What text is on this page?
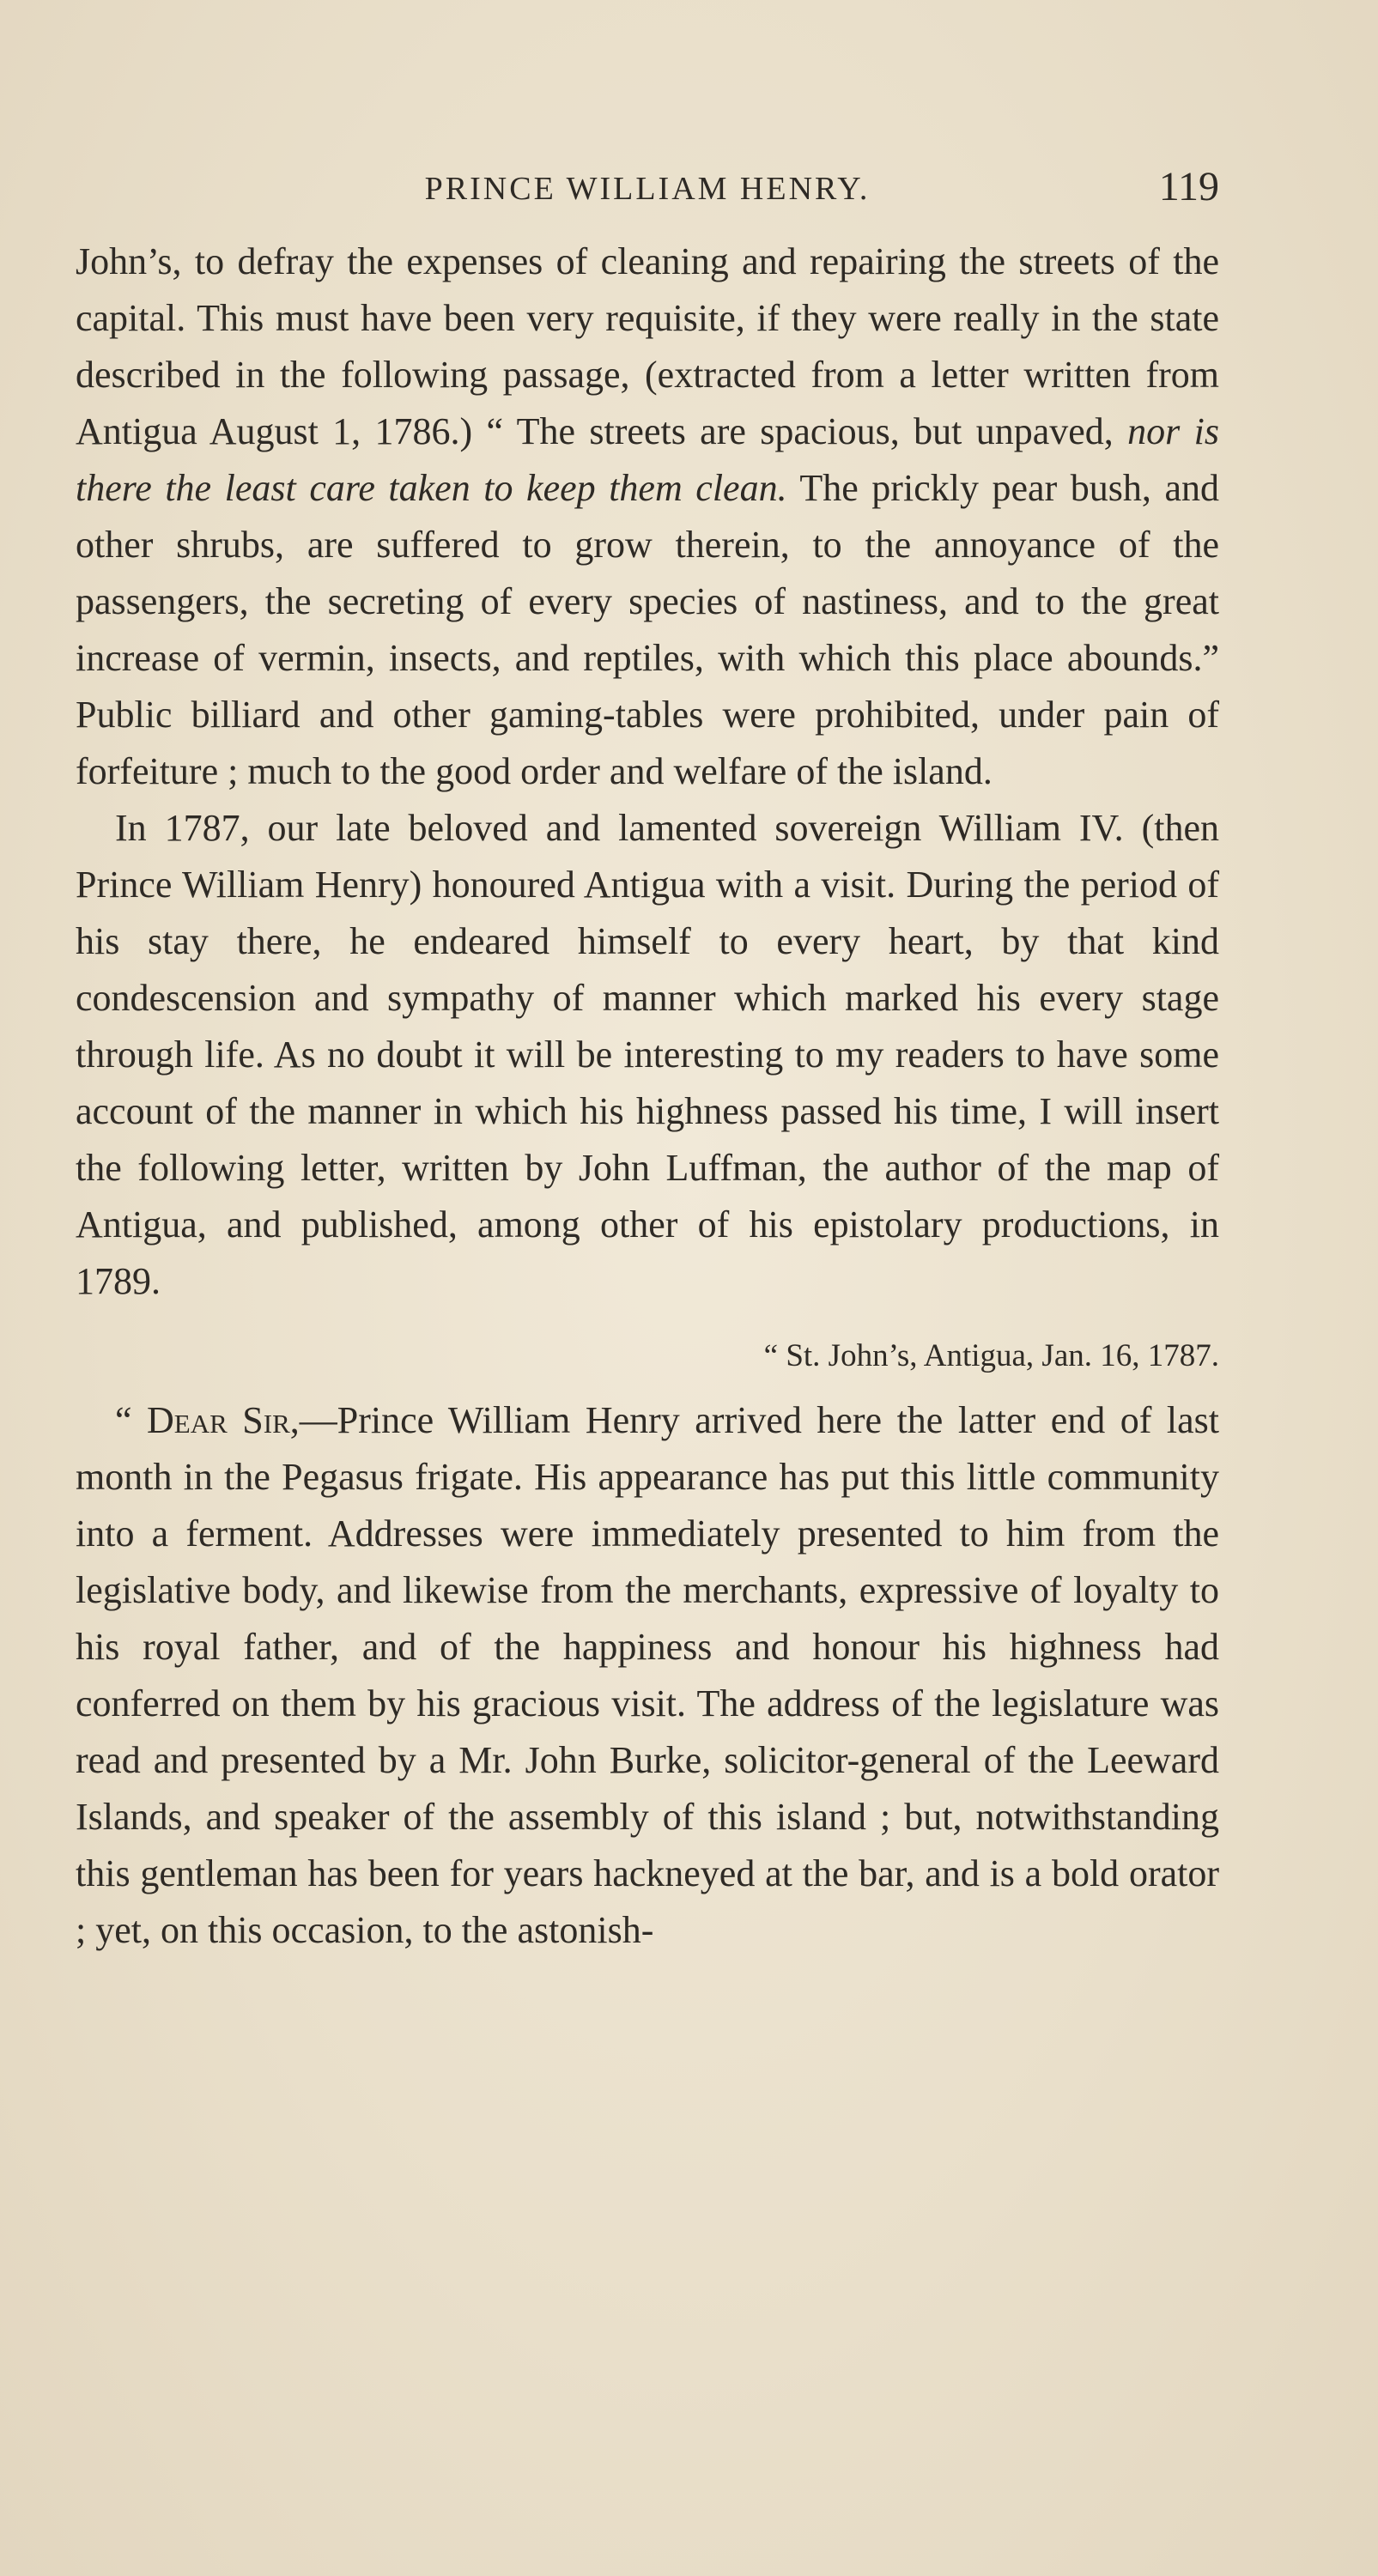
PRINCE WILLIAM HENRY.	119

John’s, to defray the expenses of cleaning and repairing the streets of the capital. This must have been very requisite, if they were really in the state described in the following passage, (extracted from a letter written from Antigua August 1, 1786.) “ The streets are spacious, but unpaved, nor is there the least care taken to keep them clean. The prickly pear bush, and other shrubs, are suffered to grow therein, to the annoyance of the passengers, the secreting of every species of nastiness, and to the great increase of vermin, insects, and reptiles, with which this place abounds.” Public billiard and other gaming-tables were prohibited, under pain of forfeiture ; much to the good order and welfare of the island.

In 1787, our late beloved and lamented sovereign William IV. (then Prince William Henry) honoured Antigua with a visit. During the period of his stay there, he endeared himself to every heart, by that kind condescension and sympathy of manner which marked his every stage through life. As no doubt it will be interesting to my readers to have some account of the manner in which his highness passed his time, I will insert the following letter, written by John Luffman, the author of the map of Antigua, and published, among other of his epistolary productions, in 1789.

“ St. John’s, Antigua, Jan. 16, 1787.

“ Dear Sir,—Prince William Henry arrived here the latter end of last month in the Pegasus frigate. His appearance has put this little community into a ferment. Addresses were immediately presented to him from the legislative body, and likewise from the merchants, expressive of loyalty to his royal father, and of the happiness and honour his highness had conferred on them by his gracious visit. The address of the legislature was read and presented by a Mr. John Burke, solicitor-general of the Leeward Islands, and speaker of the assembly of this island ; but, notwithstanding this gentleman has been for years hackneyed at the bar, and is a bold orator ; yet, on this occasion, to the astonish-
